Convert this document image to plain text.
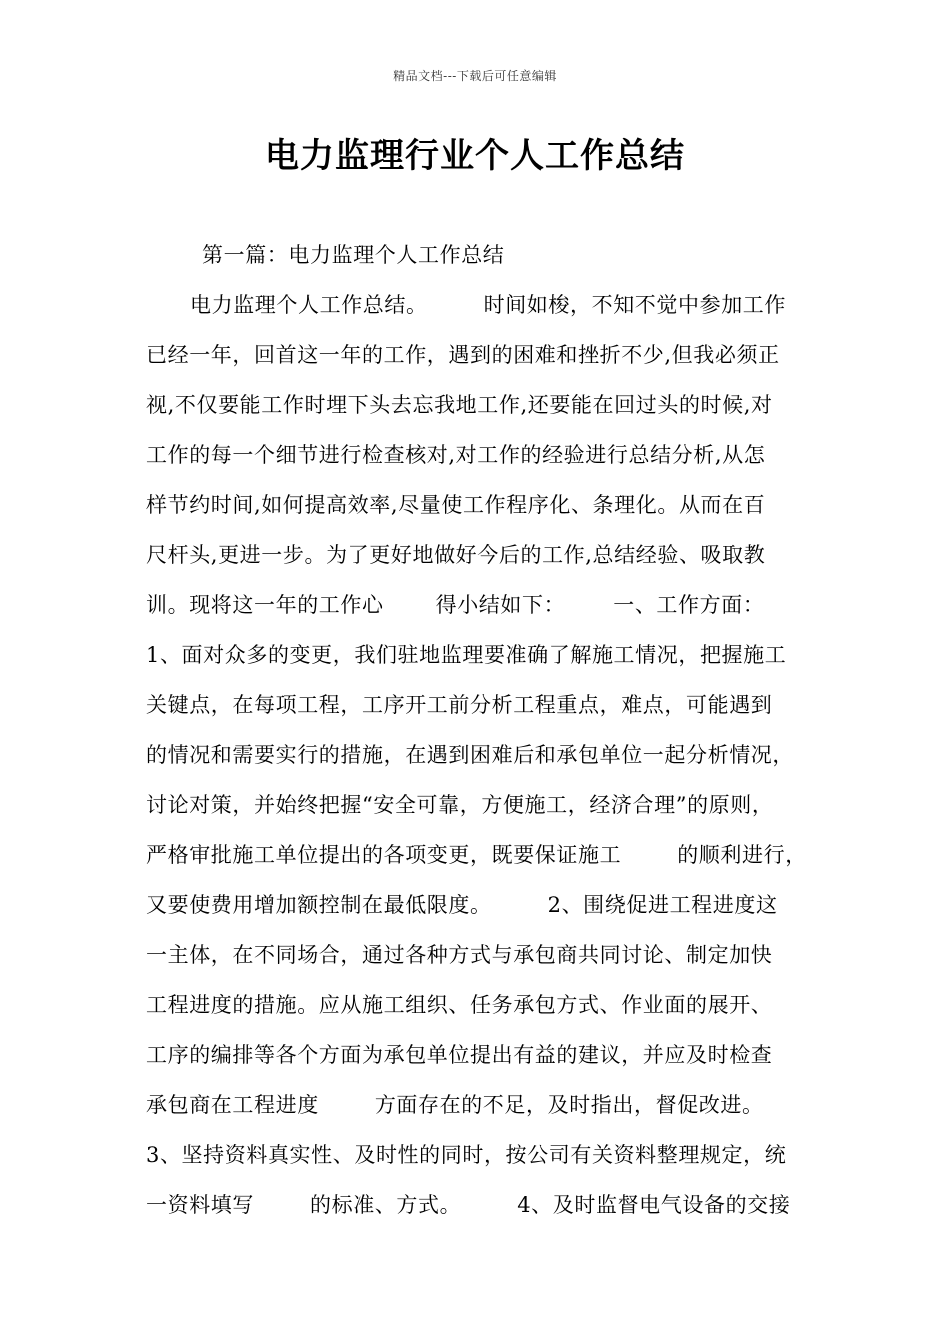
精品文档---下载后可任意编辑
电力监理行业个人工作总结
第一篇：电力监理个人工作总结
电力监理个人工作总结。	时间如梭，不知不觉中参加工作
已经一年，回首这一年的工作，遇到的困难和挫折不少,但我必须正
视,不仅要能工作时埋下头去忘我地工作,还要能在回过头的时候,对
工作的每一个细节进行检查核对,对工作的经验进行总结分析,从怎
样节约时间,如何提高效率,尽量使工作程序化、条理化。从而在百
尺杆头,更进一步。为了更好地做好今后的工作,总结经验、吸取教
训。现将这一年的工作心 得小结如下： 一、工作方面：
1、面对众多的变更，我们驻地监理要准确了解施工情况，把握施工
关键点，在每项工程，工序开工前分析工程重点，难点，可能遇到
的情况和需要实行的措施，在遇到困难后和承包单位一起分析情况，
讨论对策，并始终把握“安全可靠，方便施工，经济合理”的原则，
严格审批施工单位提出的各项变更，既要保证施工	的顺利进行，
又要使费用增加额控制在最低限度。	2、围绕促进工程进度这
一主体，在不同场合，通过各种方式与承包商共同讨论、制定加快
工程进度的措施。应从施工组织、任务承包方式、作业面的展开、
工序的编排等各个方面为承包单位提出有益的建议，并应及时检查
承包商在工程进度	方面存在的不足，及时指出，督促改进。
3、坚持资料真实性、及时性的同时，按公司有关资料整理规定，统
一资料填写	的标准、方式。	4、及时监督电气设备的交接
